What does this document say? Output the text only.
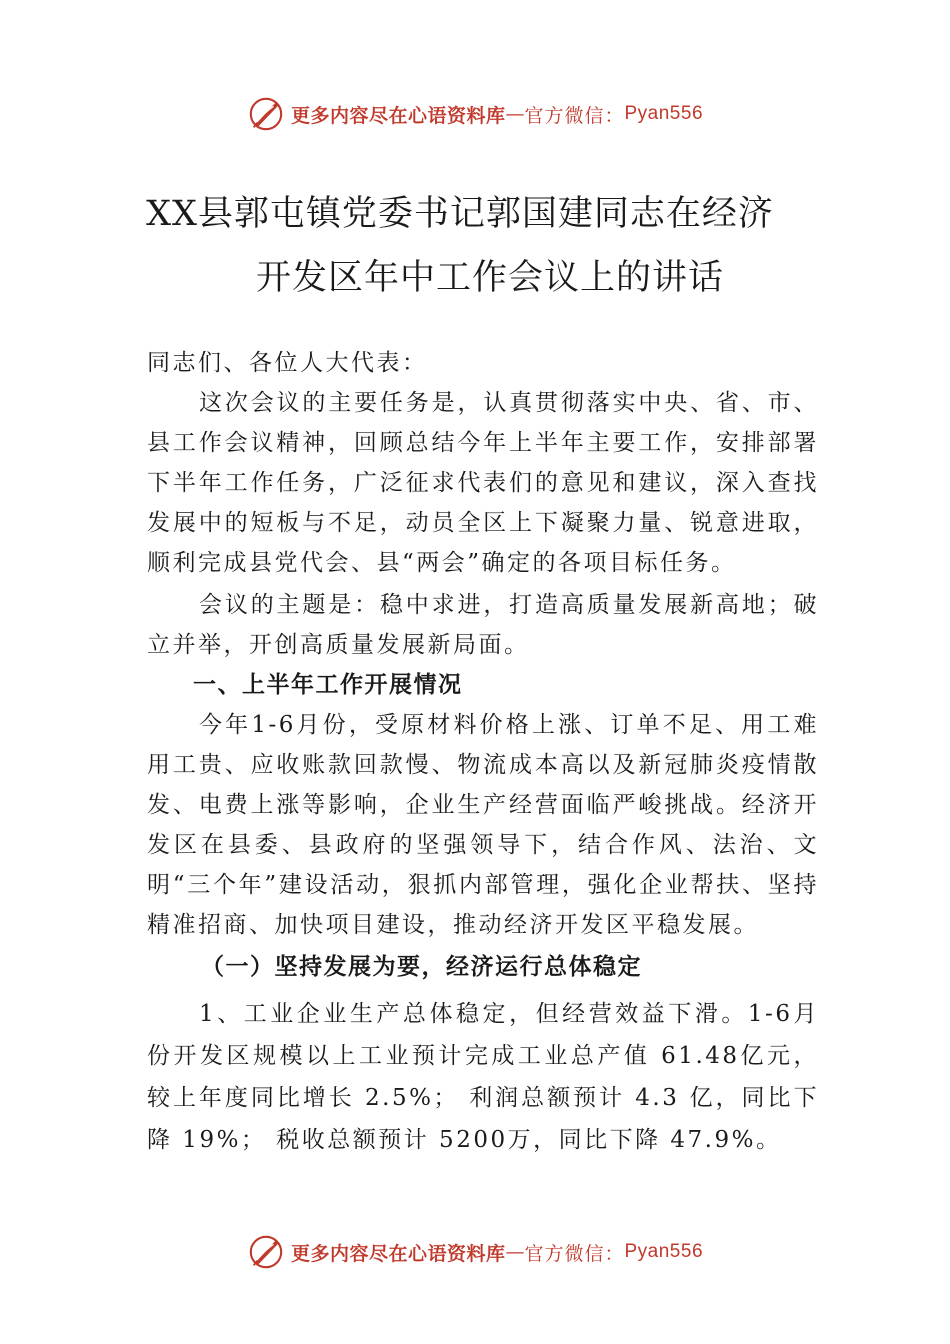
更多内容尽在心语资料库 — 官方微信： Pyan556
XX县郭屯镇党委书记郭国建同志在经济
开发区年中工作会议上的讲话

同志们、各位人大代表：

这次会议的主要任务是，认真贯彻落实中央、省、市、县工作会议精神，回顾总结今年上半年主要工作，安排部署下半年工作任务，广泛征求代表们的意见和建议，深入查找发展中的短板与不足，动员全区上下凝聚力量、锐意进取，顺利完成县党代会、县“两会”确定的各项目标任务。

会议的主题是：稳中求进，打造高质量发展新高地；破立并举，开创高质量发展新局面。

一、上半年工作开展情况

今年1-6月份，受原材料价格上涨、订单不足、用工难用工贵、应收账款回款慢、物流成本高以及新冠肺炎疫情散发、电费上涨等影响，企业生产经营面临严峻挑战。经济开发区在县委、县政府的坚强领导下，结合作风、法治、文明“三个年”建设活动，狠抓内部管理，强化企业帮扶、坚持精准招商、加快项目建设，推动经济开发区平稳发展。

（一）坚持发展为要，经济运行总体稳定

1、工业企业生产总体稳定，但经营效益下滑。1-6月份开发区规模以上工业预计完成工业总产值 61.48亿元，较上年度同比增长 2.5%； 利润总额预计 4.3 亿，同比下降 19%； 税收总额预计 5200万，同比下降 47.9%。

更多内容尽在心语资料库 — 官方微信： Pyan556
